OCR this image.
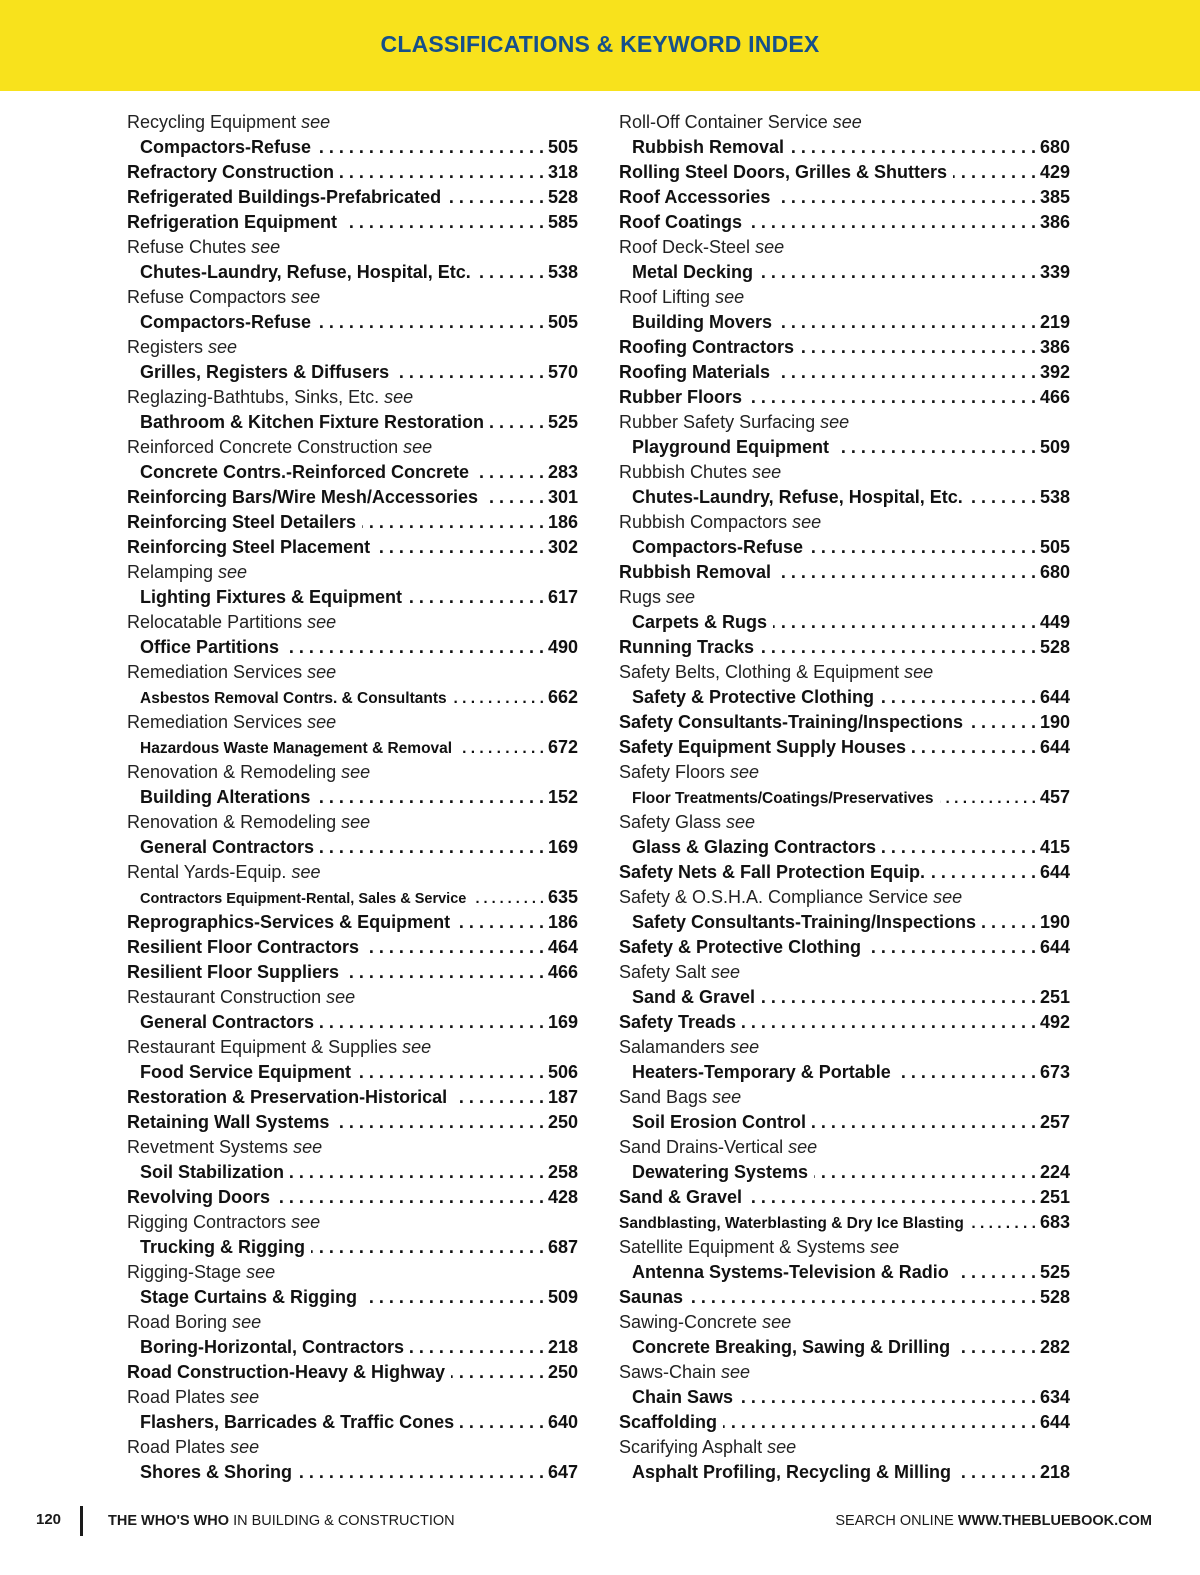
CLASSIFICATIONS & KEYWORD INDEX
Recycling Equipment see
Compactors-Refuse . . .	505
Refractory Construction . . .	318
Refrigerated Buildings-Prefabricated . . .	528
Refrigeration Equipment . . .	585
Refuse Chutes see
Chutes-Laundry, Refuse, Hospital, Etc. . . .	538
Refuse Compactors see
Compactors-Refuse . . .	505
Registers see
Grilles, Registers & Diffusers . . .	570
Reglazing-Bathtubs, Sinks, Etc. see
Bathroom & Kitchen Fixture Restoration . . .	525
Reinforced Concrete Construction see
Concrete Contrs.-Reinforced Concrete . . .	283
Reinforcing Bars/Wire Mesh/Accessories . . .	301
Reinforcing Steel Detailers . . .	186
Reinforcing Steel Placement . . .	302
Relamping see
Lighting Fixtures & Equipment . . .	617
Relocatable Partitions see
Office Partitions . . .	490
Remediation Services see
Asbestos Removal Contrs. & Consultants . . .	662
Remediation Services see
Hazardous Waste Management & Removal . . .	672
Renovation & Remodeling see
Building Alterations . . .	152
Renovation & Remodeling see
General Contractors . . .	169
Rental Yards-Equip. see
Contractors Equipment-Rental, Sales & Service . . .	635
Reprographics-Services & Equipment . . .	186
Resilient Floor Contractors . . .	464
Resilient Floor Suppliers . . .	466
Restaurant Construction see
General Contractors . . .	169
Restaurant Equipment & Supplies see
Food Service Equipment . . .	506
Restoration & Preservation-Historical . . .	187
Retaining Wall Systems . . .	250
Revetment Systems see
Soil Stabilization . . .	258
Revolving Doors . . .	428
Rigging Contractors see
Trucking & Rigging . . .	687
Rigging-Stage see
Stage Curtains & Rigging . . .	509
Road Boring see
Boring-Horizontal, Contractors . . .	218
Road Construction-Heavy & Highway . . .	250
Road Plates see
Flashers, Barricades & Traffic Cones . . .	640
Road Plates see
Shores & Shoring . . .	647
Roll-Off Container Service see
Rubbish Removal . . .	680
Rolling Steel Doors, Grilles & Shutters . . .	429
Roof Accessories . . .	385
Roof Coatings . . .	386
Roof Deck-Steel see
Metal Decking . . .	339
Roof Lifting see
Building Movers . . .	219
Roofing Contractors . . .	386
Roofing Materials . . .	392
Rubber Floors . . .	466
Rubber Safety Surfacing see
Playground Equipment . . .	509
Rubbish Chutes see
Chutes-Laundry, Refuse, Hospital, Etc. . . .	538
Rubbish Compactors see
Compactors-Refuse . . .	505
Rubbish Removal . . .	680
Rugs see
Carpets & Rugs . . .	449
Running Tracks . . .	528
Safety Belts, Clothing & Equipment see
Safety & Protective Clothing . . .	644
Safety Consultants-Training/Inspections . . .	190
Safety Equipment Supply Houses . . .	644
Safety Floors see
Floor Treatments/Coatings/Preservatives . . .	457
Safety Glass see
Glass & Glazing Contractors . . .	415
Safety Nets & Fall Protection Equip. . . .	644
Safety & O.S.H.A. Compliance Service see
Safety Consultants-Training/Inspections . . .	190
Safety & Protective Clothing . . .	644
Safety Salt see
Sand & Gravel . . .	251
Safety Treads . . .	492
Salamanders see
Heaters-Temporary & Portable . . .	673
Sand Bags see
Soil Erosion Control . . .	257
Sand Drains-Vertical see
Dewatering Systems . . .	224
Sand & Gravel . . .	251
Sandblasting, Waterblasting & Dry Ice Blasting . . .	683
Satellite Equipment & Systems see
Antenna Systems-Television & Radio . . .	525
Saunas . . .	528
Sawing-Concrete see
Concrete Breaking, Sawing & Drilling . . .	282
Saws-Chain see
Chain Saws . . .	634
Scaffolding . . .	644
Scarifying Asphalt see
Asphalt Profiling, Recycling & Milling . . .	218
120	THE WHO'S WHO IN BUILDING & CONSTRUCTION	SEARCH ONLINE WWW.THEBLUEBOOK.COM
